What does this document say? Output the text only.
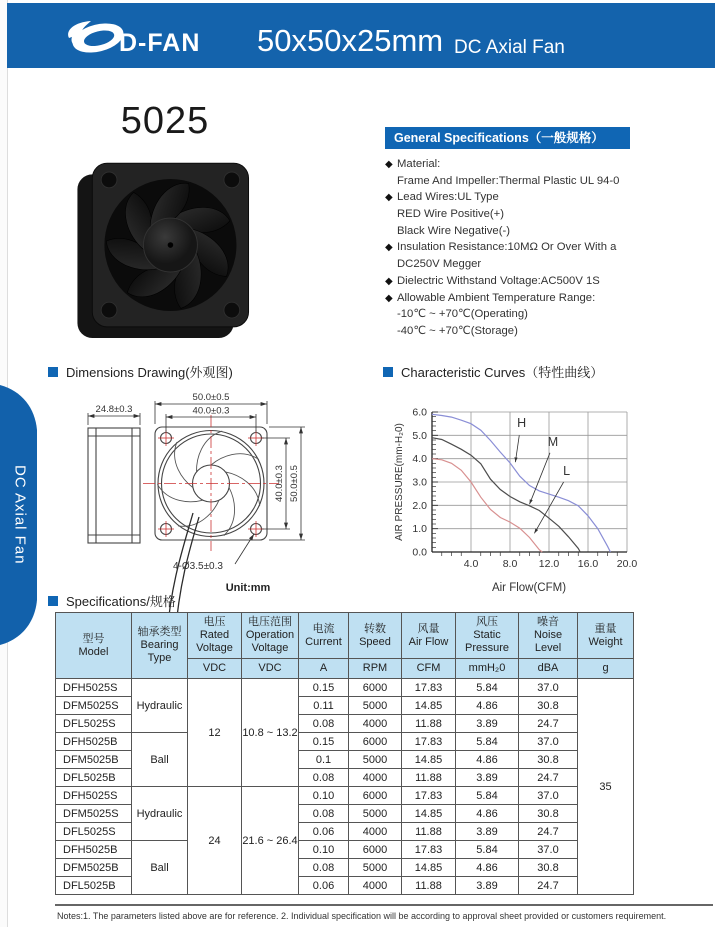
D-FAN 50x50x25mm DC Axial Fan
5025	General Specifications（一般规格）
◆ Material:
Frame And Impeller:Thermal Plastic UL 94-0
◆ Lead Wires:UL Type
RED Wire Positive(+)
Black Wire Negative(-)
◆ Insulation Resistance:10MΩ Or Over With a
DC250V Megger
◆ Dielectric Withstand Voltage:AC500V 1S
◆ Allowable Ambient Temperature Range:
-10℃ ~ +70℃(Operating)
-40℃ ~ +70℃(Storage)
Dimensions Drawing(外观图)	Characteristic Curves（特性曲线）
Specifications/规格
24.8±0.3
50.0±0.5
40.0±0.3
40.0±0.3 50.0±0.5
4-Ø3.5±0.3
Unit:mm
0.0
1.0
2.0
3.0
4.0
5.0
6.0
4.0 8.0 12.0 16.0 20.0
H
M
L
Air Flow(CFM)
AIR PRESSURE(mm-H₂0)
DC Axial Fan
型号
Model

轴承类型
Bearing Type

电压
Rated Voltage

电压范围
Operation Voltage

电流
Current

转数
Speed

风量
Air Flow

风压
Static Pressure

噪音
Noise Level

重量
Weight

		VDC	VDC	A	RPM	CFM	mmH₂0	dBA	g
DFH5025S	Hydraulic	12	10.8 ~ 13.2	0.15	6000	17.83	5.84	37.0	35
DFM5025S				0.11	5000	14.85	4.86	30.8	
DFL5025S				0.08	4000	11.88	3.89	24.7	
DFH5025B	Ball			0.15	6000	17.83	5.84	37.0	
DFM5025B				0.1	5000	14.85	4.86	30.8	
DFL5025B				0.08	4000	11.88	3.89	24.7	
DFH5025S	Hydraulic	24	21.6 ~ 26.4	0.10	6000	17.83	5.84	37.0	
DFM5025S				0.08	5000	14.85	4.86	30.8	
DFL5025S				0.06	4000	11.88	3.89	24.7	
DFH5025B	Ball			0.10	6000	17.83	5.84	37.0	
DFM5025B				0.08	5000	14.85	4.86	30.8	
DFL5025B				0.06	4000	11.88	3.89	24.7	
Notes:1. The parameters listed above are for reference. 2. Individual specification will be according to approval sheet provided or customers requirement.
